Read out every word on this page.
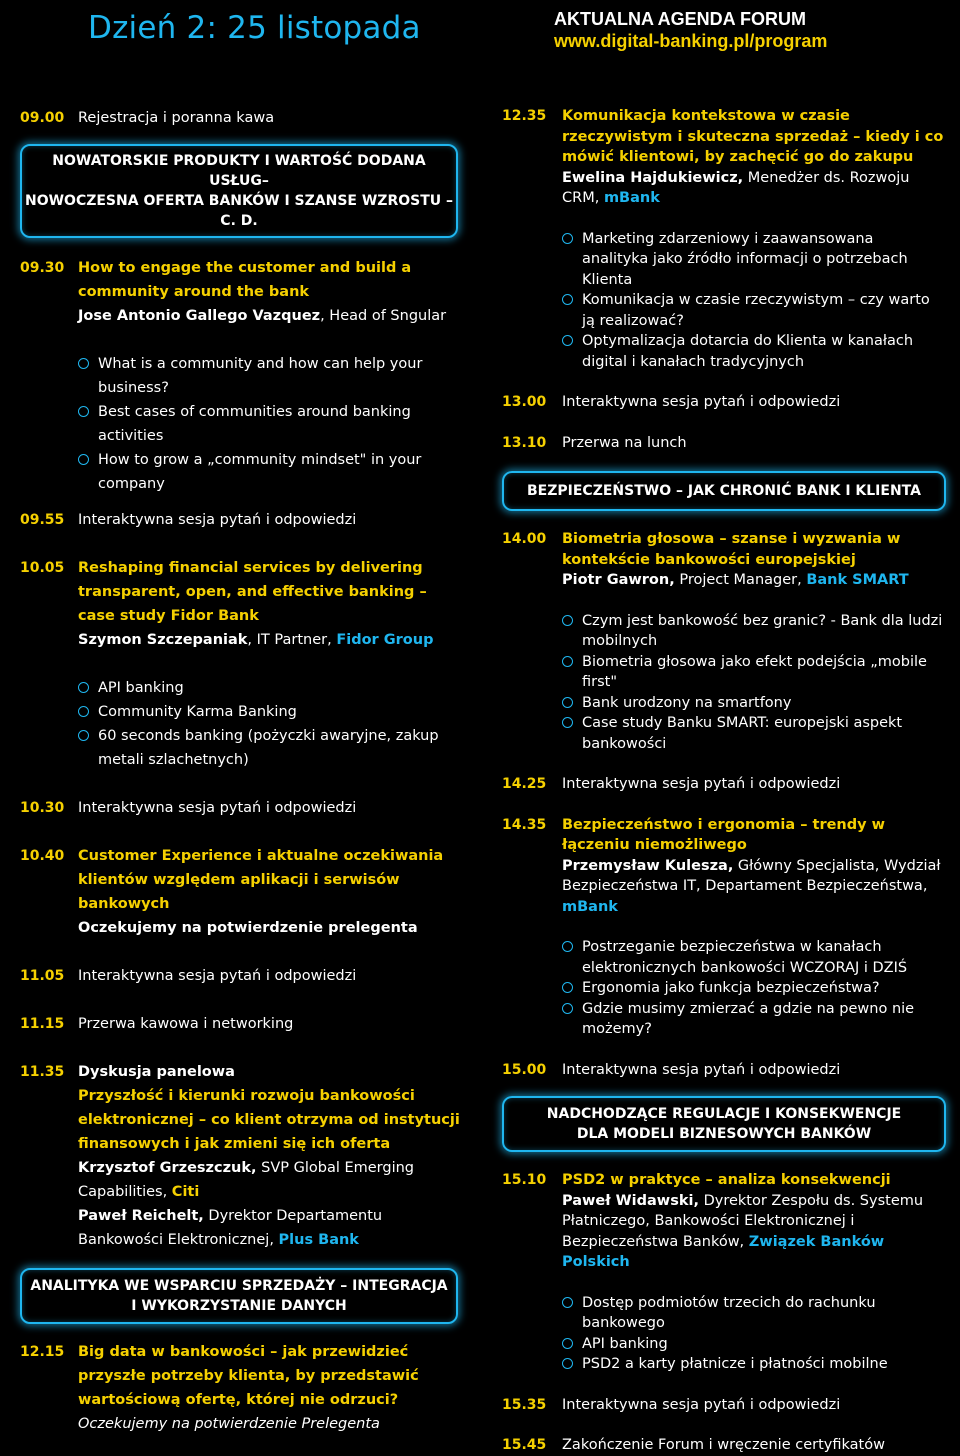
Dzień 2: 25 listopada	AKTUALNA AGENDA FORUM
www.digital-banking.pl/program
09.00 Rejestracja i poranna kawa
NOWATORSKIE PRODUKTY I WARTOŚĆ DODANA USŁUG–
NOWOCZESNA OFERTA BANKÓW I SZANSE WZROSTU – C. D.
09.30 How to engage the customer and build a community around the bank
Jose Antonio Gallego Vazquez, Head of Sngular
What is a community and how can help your business?
Best cases of communities around banking activities
How to grow a „community mindset" in your company
09.55 Interaktywna sesja pytań i odpowiedzi
10.05 Reshaping financial services by delivering transparent, open, and effective banking – case study Fidor Bank
Szymon Szczepaniak, IT Partner, Fidor Group
API banking
Community Karma Banking
60 seconds banking (pożyczki awaryjne, zakup metali szlachetnych)
10.30 Interaktywna sesja pytań i odpowiedzi
10.40 Customer Experience i aktualne oczekiwania klientów względem aplikacji i serwisów bankowych
Oczekujemy na potwierdzenie prelegenta
11.05 Interaktywna sesja pytań i odpowiedzi
11.15 Przerwa kawowa i networking
11.35 Dyskusja panelowa
Przyszłość i kierunki rozwoju bankowości elektronicznej – co klient otrzyma od instytucji finansowych i jak zmieni się ich oferta
Krzysztof Grzeszczuk, SVP Global Emerging Capabilities, Citi
Paweł Reichelt, Dyrektor Departamentu Bankowości Elektronicznej, Plus Bank
ANALITYKA WE WSPARCIU SPRZEDAŻY – INTEGRACJA
I WYKORZYSTANIE DANYCH
12.15 Big data w bankowości – jak przewidzieć przyszłe potrzeby klienta, by przedstawić wartościową ofertę, której nie odrzuci?
Oczekujemy na potwierdzenie Prelegenta
12.35	Komunikacja kontekstowa w czasie rzeczywistym i skuteczna sprzedaż – kiedy i co mówić klientowi, by zachęcić go do zakupu
Ewelina Hajdukiewicz, Menedżer ds. Rozwoju CRM, mBank
Marketing zdarzeniowy i zaawansowana analityka jako źródło informacji o potrzebach Klienta
Komunikacja w czasie rzeczywistym – czy warto ją realizować?
Optymalizacja dotarcia do Klienta w kanałach digital i kanałach tradycyjnych
13.00	Interaktywna sesja pytań i odpowiedzi
13.10	Przerwa na lunch
BEZPIECZEŃSTWO – JAK CHRONIĆ BANK I KLIENTA
14.00	Biometria głosowa – szanse i wyzwania w kontekście bankowości europejskiej
Piotr Gawron, Project Manager, Bank SMART
Czym jest bankowość bez granic? - Bank dla ludzi mobilnych
Biometria głosowa jako efekt podejścia „mobile first"
Bank urodzony na smartfony
Case study Banku SMART: europejski aspekt bankowości
14.25	Interaktywna sesja pytań i odpowiedzi
14.35	Bezpieczeństwo i ergonomia – trendy w łączeniu niemożliwego
Przemysław Kulesza, Główny Specjalista, Wydział Bezpieczeństwa IT, Departament Bezpieczeństwa, mBank
Postrzeganie bezpieczeństwa w kanałach elektronicznych bankowości WCZORAJ i DZIŚ
Ergonomia jako funkcja bezpieczeństwa?
Gdzie musimy zmierzać a gdzie na pewno nie możemy?
15.00	Interaktywna sesja pytań i odpowiedzi
NADCHODZĄCE REGULACJE I KONSEKWENCJE
DLA MODELI BIZNESOWYCH BANKÓW
15.10	PSD2 w praktyce – analiza konsekwencji
Paweł Widawski, Dyrektor Zespołu ds. Systemu Płatniczego, Bankowości Elektronicznej i Bezpieczeństwa Banków, Związek Banków Polskich
Dostęp podmiotów trzecich do rachunku bankowego
API banking
PSD2 a karty płatnicze i płatności mobilne
15.35	Interaktywna sesja pytań i odpowiedzi
15.45	Zakończenie Forum i wręczenie certyfikatów
